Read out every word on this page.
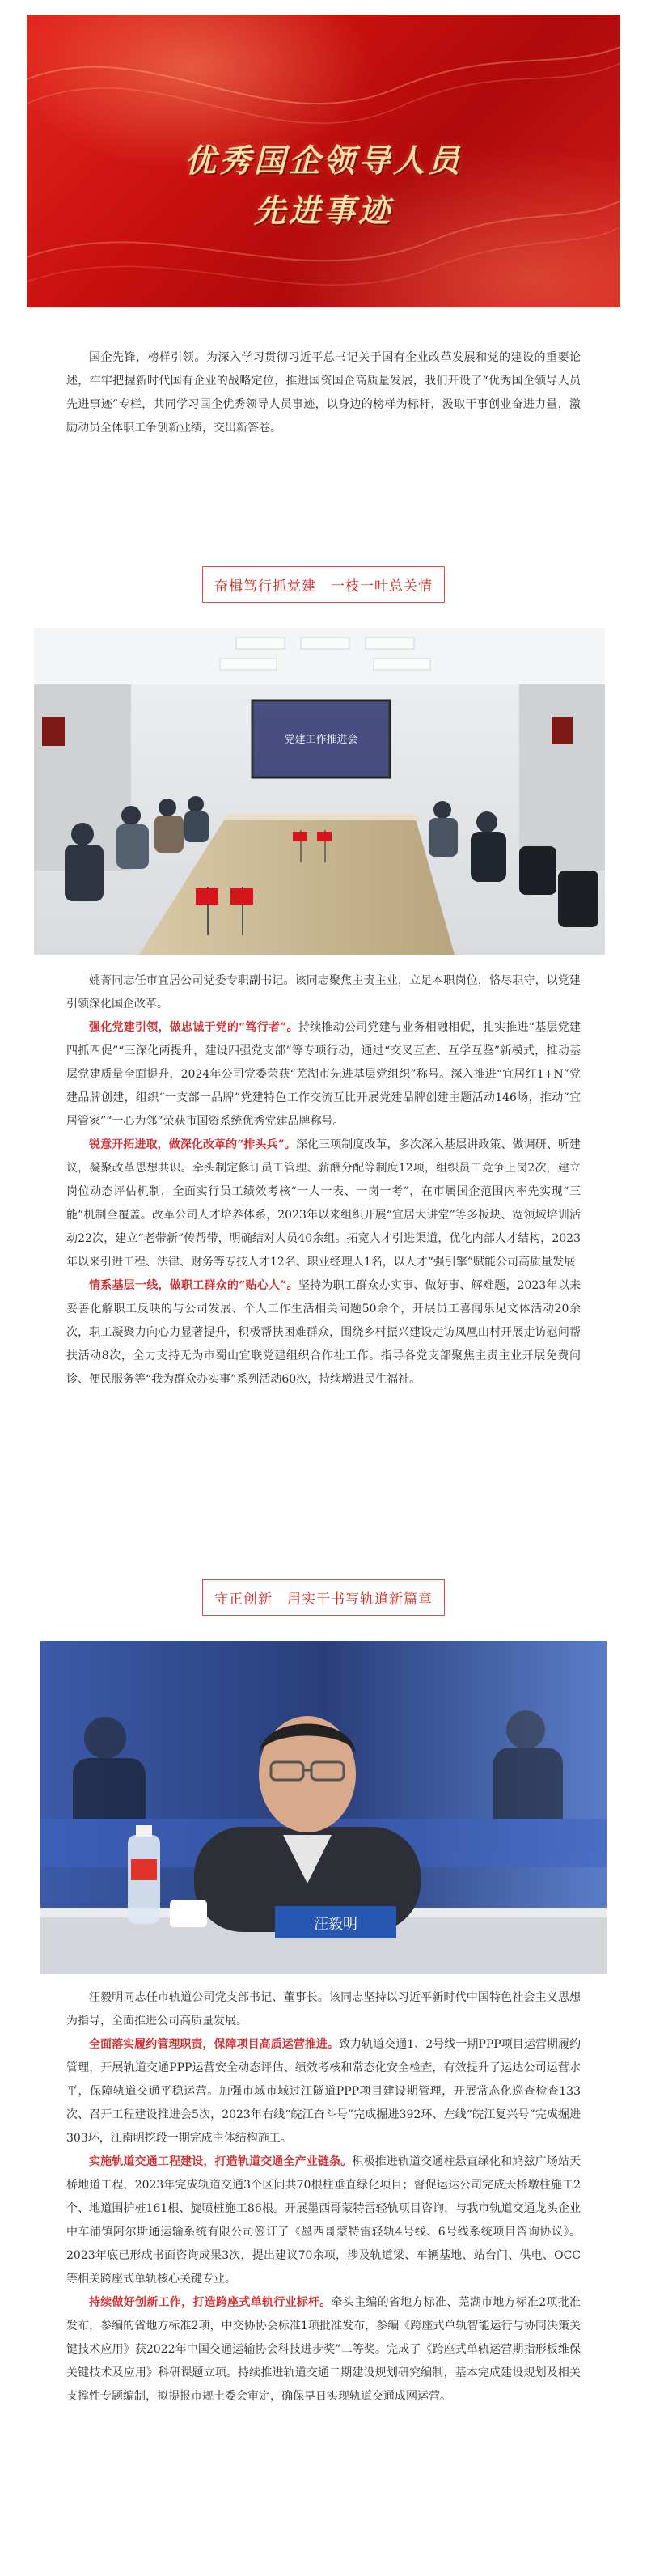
优秀国企领导人员
先进事迹

国企先锋，榜样引领。为深入学习贯彻习近平总书记关于国有企业改革发展和党的建设的重要论述，牢牢把握新时代国有企业的战略定位，推进国资国企高质量发展，我们开设了“优秀国企领导人员先进事迹”专栏，共同学习国企优秀领导人员事迹，以身边的榜样为标杆，汲取干事创业奋进力量，激励动员全体职工争创新业绩，交出新答卷。

奋楫笃行抓党建　一枝一叶总关情
党建工作推进会

姚菁同志任市宜居公司党委专职副书记。该同志聚焦主责主业，立足本职岗位，恪尽职守，以党建引领深化国企改革。

强化党建引领，做忠诚于党的“笃行者”。持续推动公司党建与业务相融相促，扎实推进“基层党建四抓四促”“三深化两提升，建设四强党支部”等专项行动，通过“交叉互查、互学互鉴”新模式，推动基层党建质量全面提升，2024年公司党委荣获“芜湖市先进基层党组织”称号。深入推进“宜居红1+N”党建品牌创建，组织“一支部一品牌”党建特色工作交流互比开展党建品牌创建主题活动146场，推动“宜居管家”“一心为邻”荣获市国资系统优秀党建品牌称号。

锐意开拓进取，做深化改革的“排头兵”。深化三项制度改革，多次深入基层讲政策、做调研、听建议，凝聚改革思想共识。牵头制定修订员工管理、薪酬分配等制度12项，组织员工竞争上岗2次，建立岗位动态评估机制，全面实行员工绩效考核“一人一表、一岗一考”，在市属国企范围内率先实现“三能”机制全覆盖。改革公司人才培养体系，2023年以来组织开展“宜居大讲堂”等多板块、宽领域培训活动22次，建立“老带新”传帮带，明确结对人员40余组。拓宽人才引进渠道，优化内部人才结构，2023年以来引进工程、法律、财务等专技人才12名、职业经理人1名，以人才“强引擎”赋能公司高质量发展

情系基层一线，做职工群众的“贴心人”。坚持为职工群众办实事、做好事、解难题，2023年以来妥善化解职工反映的与公司发展、个人工作生活相关问题50余个，开展员工喜闻乐见文体活动20余次，职工凝聚力向心力显著提升，积极帮扶困难群众，围绕乡村振兴建设走访凤凰山村开展走访慰问帮扶活动8次，全力支持无为市蜀山宜联党建组织合作社工作。指导各党支部聚焦主责主业开展免费问诊、便民服务等“我为群众办实事”系列活动60次，持续增进民生福祉。

守正创新　用实干书写轨道新篇章
汪毅明

汪毅明同志任市轨道公司党支部书记、董事长。该同志坚持以习近平新时代中国特色社会主义思想为指导，全面推进公司高质量发展。

全面落实履约管理职责，保障项目高质运营推进。致力轨道交通1、2号线一期PPP项目运营期履约管理，开展轨道交通PPP运营安全动态评估、绩效考核和常态化安全检查，有效提升了运达公司运营水平，保障轨道交通平稳运营。加强市域市域过江隧道PPP项目建设期管理，开展常态化巡查检查133次、召开工程建设推进会5次，2023年右线“皖江奋斗号”完成掘进392环、左线“皖江复兴号”完成掘进303环，江南明挖段一期完成主体结构施工。

实施轨道交通工程建设，打造轨道交通全产业链条。积极推进轨道交通柱悬直绿化和鸠兹广场站天桥地道工程，2023年完成轨道交通3个区间共70根柱垂直绿化项目；督促运达公司完成天桥墩柱施工2个、地道围护桩161根、旋喷桩施工86根。开展墨西哥蒙特雷轻轨项目咨询，与我市轨道交通龙头企业中车浦镇阿尔斯通运输系统有限公司签订了《墨西哥蒙特雷轻轨4号线、6号线系统项目咨询协议》。2023年底已形成书面咨询成果3次，提出建议70余项，涉及轨道梁、车辆基地、站台门、供电、OCC等相关跨座式单轨核心关键专业。

持续做好创新工作，打造跨座式单轨行业标杆。牵头主编的省地方标准、芜湖市地方标准2项批准发布，参编的省地方标准2项，中交协协会标准1项批准发布，参编《跨座式单轨智能运行与协同决策关键技术应用》获2022年中国交通运输协会科技进步奖”二等奖。完成了《跨座式单轨运营期指形板维保关键技术及应用》科研课题立项。持续推进轨道交通二期建设规划研究编制，基本完成建设规划及相关支撑性专题编制，拟提报市规土委会审定，确保早日实现轨道交通成网运营。
